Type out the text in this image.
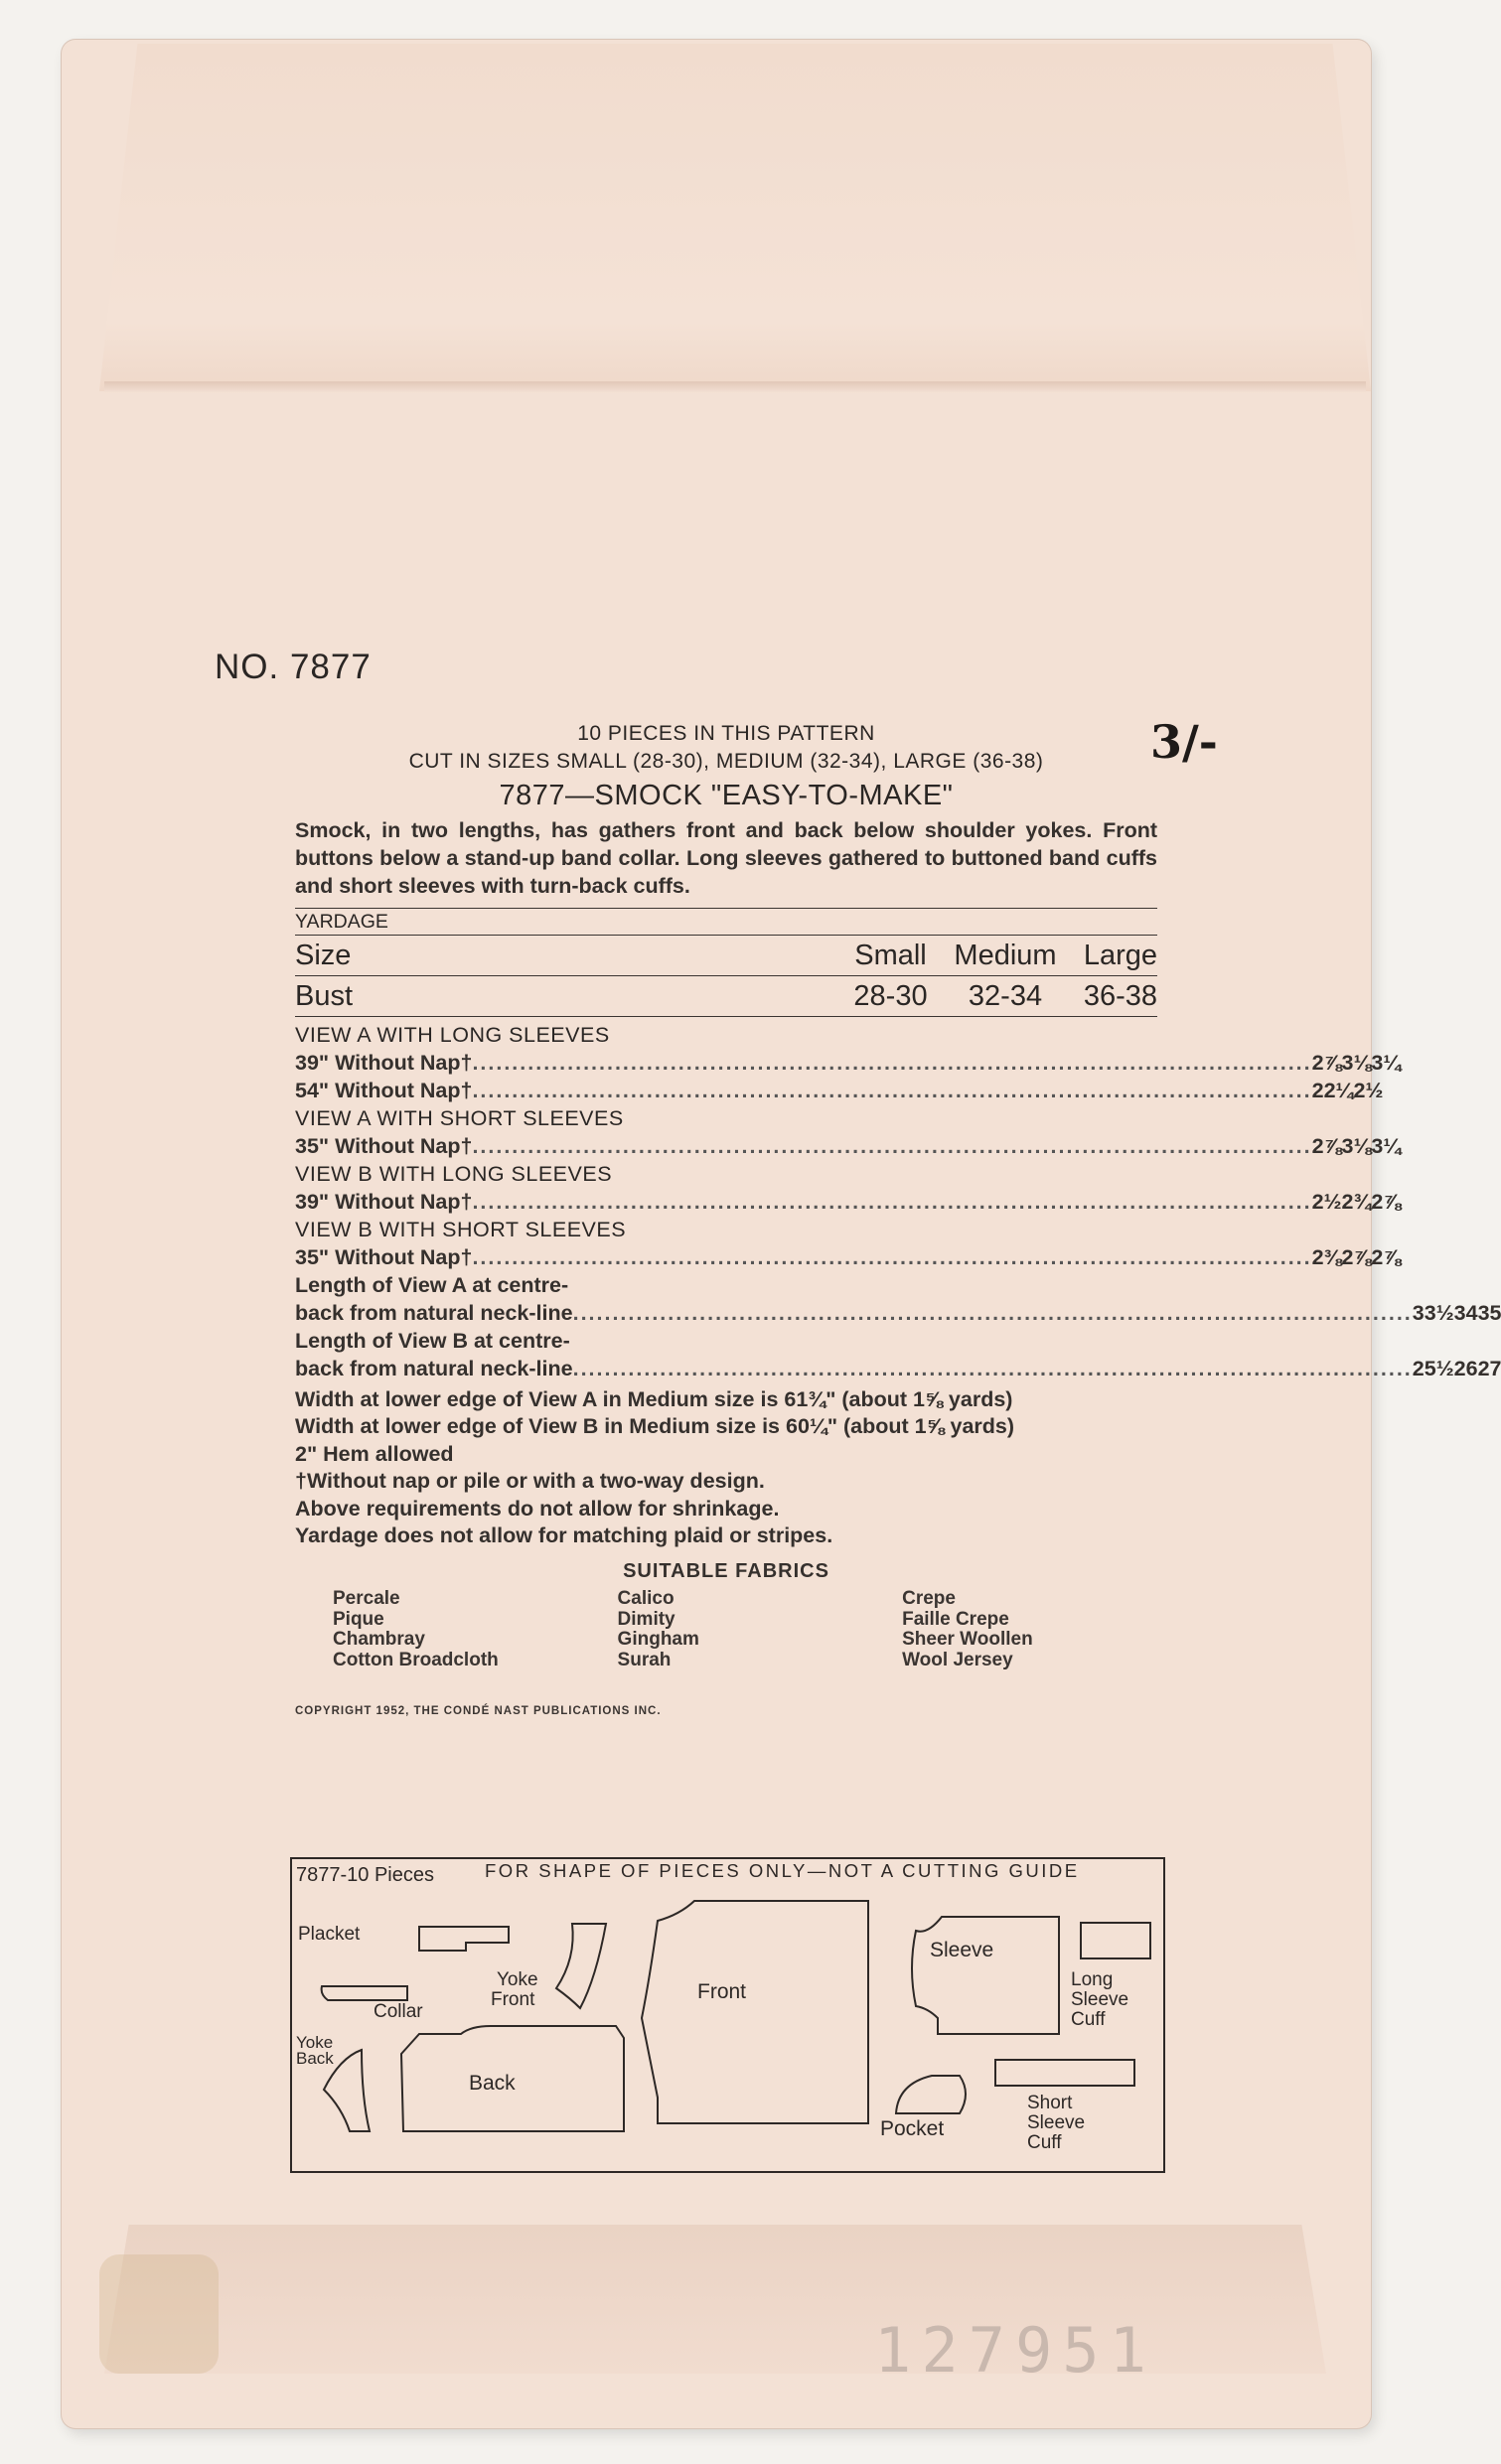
127951
NO. 7877
3/-
10 PIECES IN THIS PATTERN
CUT IN SIZES SMALL (28-30), MEDIUM (32-34), LARGE (36-38)
7877—SMOCK "EASY-TO-MAKE"
Smock, in two lengths, has gathers front and back below shoulder yokes. Front buttons below a stand-up band collar. Long sleeves gathered to buttoned band cuffs and short sleeves with turn-back cuffs.
YARDAGE
Size	Small Medium Large
Bust	28-30	32-34	36-38
VIEW A WITH LONG SLEEVES
39" Without Nap† .......................................................................................................... 2⅞ 3⅛ 3¼
54" Without Nap† .......................................................................................................... 2 2¼ 2½
VIEW A WITH SHORT SLEEVES
35" Without Nap† .......................................................................................................... 2⅞ 3⅛ 3¼
VIEW B WITH LONG SLEEVES
39" Without Nap† .......................................................................................................... 2½ 2¾ 2⅞
VIEW B WITH SHORT SLEEVES
35" Without Nap† .......................................................................................................... 2⅜ 2⅞ 2⅞
Length of View A at centre-
back from natural neck-line .......................................................................................................... 33½ 34 35
Length of View B at centre-
back from natural neck-line .......................................................................................................... 25½ 26 27

Width at lower edge of View A in Medium size is 61¾" (about 1⅝ yards)

Width at lower edge of View B in Medium size is 60¼" (about 1⅝ yards)

2" Hem allowed

†Without nap or pile or with a two-way design.

Above requirements do not allow for shrinkage.

Yardage does not allow for matching plaid or stripes.

SUITABLE FABRICS
Percale
Pique
Chambray
Cotton Broadcloth
Calico
Dimity
Gingham
Surah
Crepe
Faille Crepe
Sheer Woollen
Wool Jersey
COPYRIGHT 1952, THE CONDÉ NAST PUBLICATIONS INC.
7877-10 Pieces	FOR SHAPE OF PIECES ONLY—NOT A CUTTING GUIDE
Placket
Collar
Yoke
Front
Yoke
Back
Back
Front
Sleeve
Long
Sleeve
Cuff
Pocket
Short
Sleeve
Cuff
